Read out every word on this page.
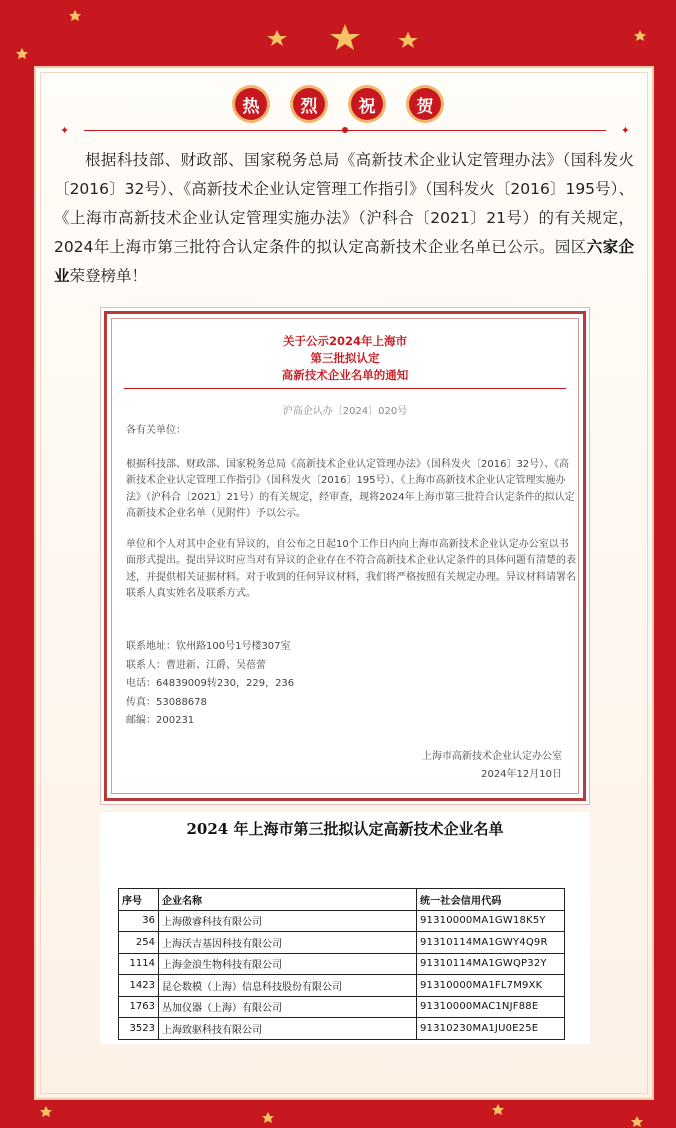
热	烈	祝	贺
✦	✦
根据科技部、财政部、国家税务总局《高新技术企业认定管理办法》（国科发火〔2016〕32号）、《高新技术企业认定管理工作指引》（国科发火〔2016〕195号）、《上海市高新技术企业认定管理实施办法》（沪科合〔2021〕21号）的有关规定，2024年上海市第三批符合认定条件的拟认定高新技术企业名单已公示。园区六家企业荣登榜单！
关于公示2024年上海市
第三批拟认定
高新技术企业名单的通知
沪高企认办〔2024〕020号

各有关单位：

根据科技部、财政部、国家税务总局《高新技术企业认定管理办法》（国科发火〔2016〕32号）、《高新技术企业认定管理工作指引》（国科发火〔2016〕195号）、《上海市高新技术企业认定管理实施办法》（沪科合〔2021〕21号）的有关规定，经审查，现将2024年上海市第三批符合认定条件的拟认定高新技术企业名单（见附件）予以公示。

单位和个人对其中企业有异议的，自公布之日起10个工作日内向上海市高新技术企业认定办公室以书面形式提出。提出异议时应当对有异议的企业存在不符合高新技术企业认定条件的具体问题有清楚的表述，并提供相关证据材料。对于收到的任何异议材料，我们将严格按照有关规定办理。异议材料请署名联系人真实姓名及联系方式。

联系地址：钦州路100号1号楼307室
联系人：曹进新、江爵、吴蓓蕾
电话：64839009转230，229，236
传真：53088678
邮编：200231
上海市高新技术企业认定办公室
2024年12月10日
2024 年上海市第三批拟认定高新技术企业名单
序号	企业名称	统一社会信用代码
36	上海傲睿科技有限公司	91310000MA1GW18K5Y
254	上海沃吉基因科技有限公司	91310114MA1GWY4Q9R
1114	上海金浪生物科技有限公司	91310114MA1GWQP32Y
1423	昆仑数模（上海）信息科技股份有限公司	91310000MA1FL7M9XK
1763	丛加仪器（上海）有限公司	91310000MAC1NJF88E
3523	上海致驱科技有限公司	91310230MA1JU0E25E
